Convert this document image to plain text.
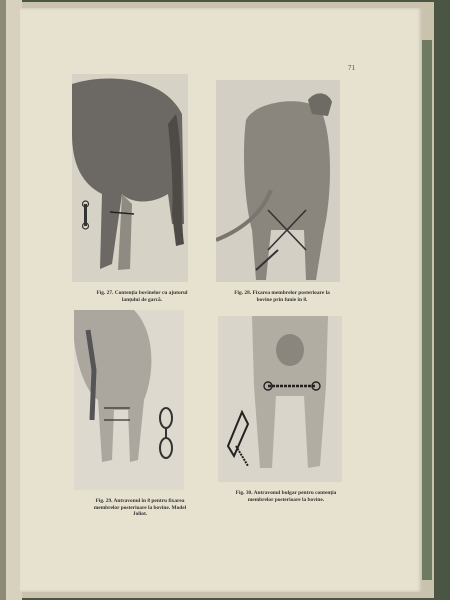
71
Fig. 27. Contenția bovinelor cu ajutorul
lanțului de garcă.
Fig. 28. Fixarea membrelor posterioare la
bovine prin funie în 8.
Fig. 29. Antravonul în 8 pentru fixarea
membrelor posterioare la bovine. Model
Joliot.
Fig. 30. Antravonul bulgar pentru contenția
membrelor posterioare la bovine.
